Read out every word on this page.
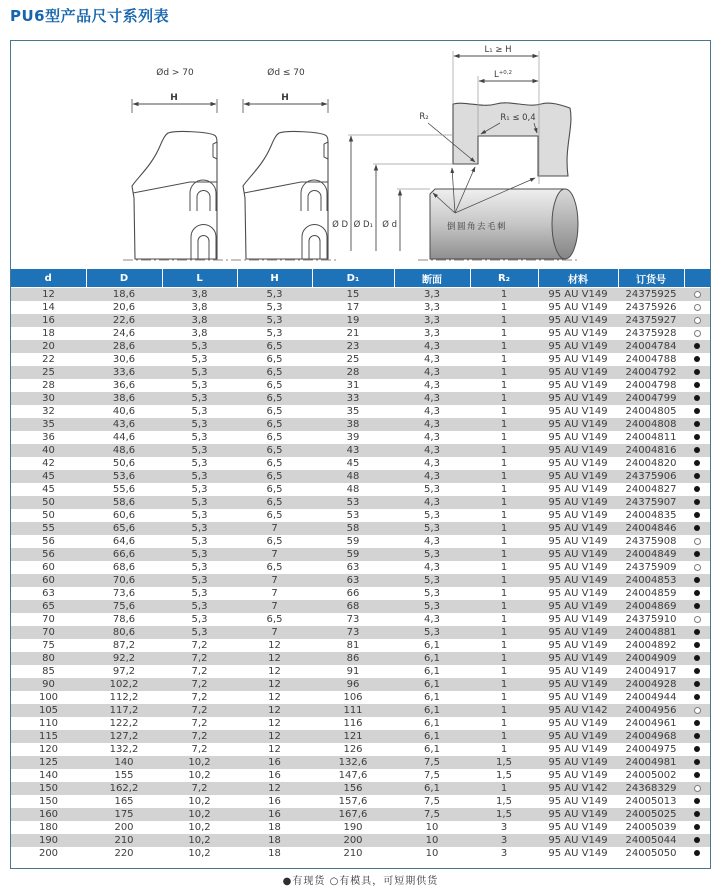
PU6型产品尺寸系列表
Ød > 70	Ød ≤ 70
H	H
L₁ ≥ H
$L^{+0,2}$
R₂	R₁ ≤ 0,4
Ø D Ø D₁ Ø d	倒圆角去毛刺
d	D	L	H	D₁	断面	R₂	材料	订货号	
12	18,6	3,8	5,3	15	3,3	1	95 AU V149	24375925	
14	20,6	3,8	5,3	17	3,3	1	95 AU V149	24375926	
16	22,6	3,8	5,3	19	3,3	1	95 AU V149	24375927	
18	24,6	3,8	5,3	21	3,3	1	95 AU V149	24375928	
20	28,6	5,3	6,5	23	4,3	1	95 AU V149	24004784	
22	30,6	5,3	6,5	25	4,3	1	95 AU V149	24004788	
25	33,6	5,3	6,5	28	4,3	1	95 AU V149	24004792	
28	36,6	5,3	6,5	31	4,3	1	95 AU V149	24004798	
30	38,6	5,3	6,5	33	4,3	1	95 AU V149	24004799	
32	40,6	5,3	6,5	35	4,3	1	95 AU V149	24004805	
35	43,6	5,3	6,5	38	4,3	1	95 AU V149	24004808	
36	44,6	5,3	6,5	39	4,3	1	95 AU V149	24004811	
40	48,6	5,3	6,5	43	4,3	1	95 AU V149	24004816	
42	50,6	5,3	6,5	45	4,3	1	95 AU V149	24004820	
45	53,6	5,3	6,5	48	4,3	1	95 AU V149	24375906	
45	55,6	5,3	6,5	48	5,3	1	95 AU V149	24004827	
50	58,6	5,3	6,5	53	4,3	1	95 AU V149	24375907	
50	60,6	5,3	6,5	53	5,3	1	95 AU V149	24004835	
55	65,6	5,3	7	58	5,3	1	95 AU V149	24004846	
56	64,6	5,3	6,5	59	4,3	1	95 AU V149	24375908	
56	66,6	5,3	7	59	5,3	1	95 AU V149	24004849	
60	68,6	5,3	6,5	63	4,3	1	95 AU V149	24375909	
60	70,6	5,3	7	63	5,3	1	95 AU V149	24004853	
63	73,6	5,3	7	66	5,3	1	95 AU V149	24004859	
65	75,6	5,3	7	68	5,3	1	95 AU V149	24004869	
70	78,6	5,3	6,5	73	4,3	1	95 AU V149	24375910	
70	80,6	5,3	7	73	5,3	1	95 AU V149	24004881	
75	87,2	7,2	12	81	6,1	1	95 AU V149	24004892	
80	92,2	7,2	12	86	6,1	1	95 AU V149	24004909	
85	97,2	7,2	12	91	6,1	1	95 AU V149	24004917	
90	102,2	7,2	12	96	6,1	1	95 AU V149	24004928	
100	112,2	7,2	12	106	6,1	1	95 AU V149	24004944	
105	117,2	7,2	12	111	6,1	1	95 AU V142	24004956	
110	122,2	7,2	12	116	6,1	1	95 AU V149	24004961	
115	127,2	7,2	12	121	6,1	1	95 AU V149	24004968	
120	132,2	7,2	12	126	6,1	1	95 AU V149	24004975	
125	140	10,2	16	132,6	7,5	1,5	95 AU V149	24004981	
140	155	10,2	16	147,6	7,5	1,5	95 AU V149	24005002	
150	162,2	7,2	12	156	6,1	1	95 AU V142	24368329	
150	165	10,2	16	157,6	7,5	1,5	95 AU V149	24005013	
160	175	10,2	16	167,6	7,5	1,5	95 AU V149	24005025	
180	200	10,2	18	190	10	3	95 AU V149	24005039	
190	210	10,2	18	200	10	3	95 AU V149	24005044	
200	220	10,2	18	210	10	3	95 AU V149	24005050	
●有现货 ○有模具，可短期供货
